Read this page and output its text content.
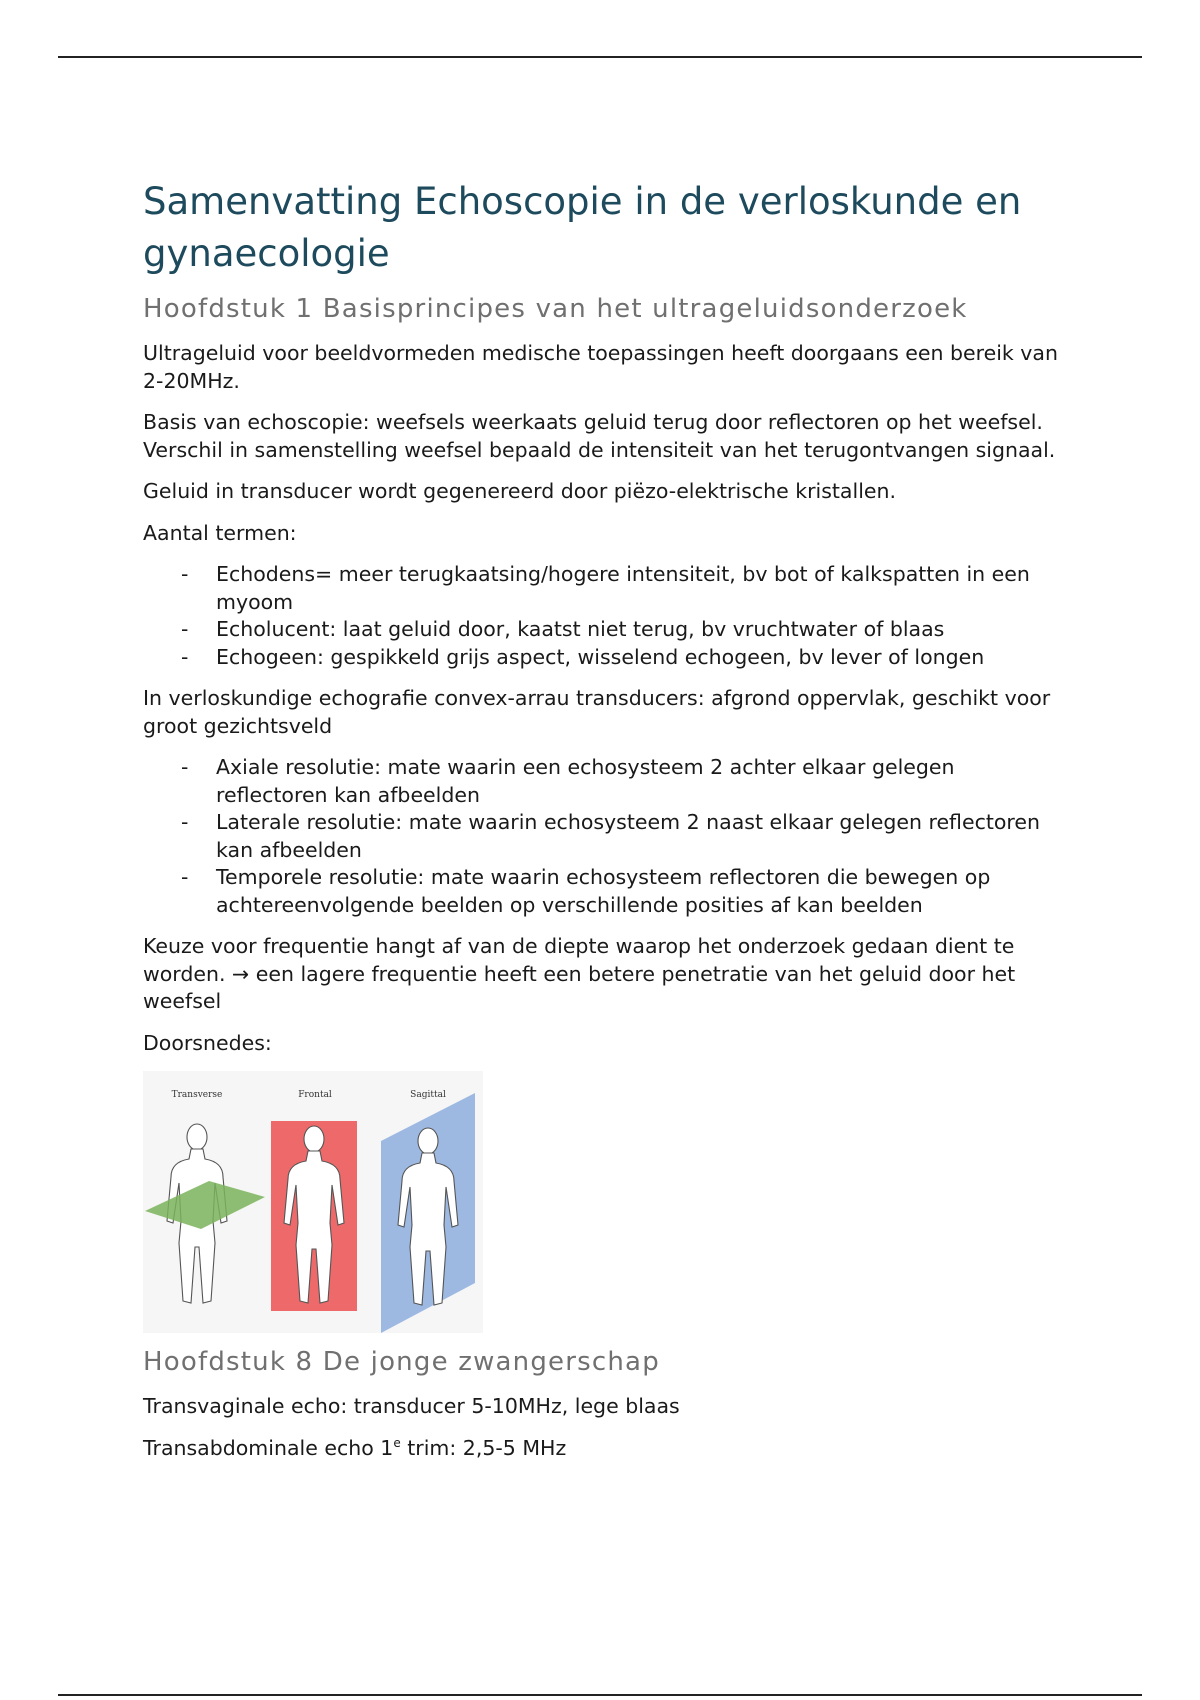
Samenvatting Echoscopie in de verloskunde en gynaecologie
Hoofdstuk 1 Basisprincipes van het ultrageluidsonderzoek

Ultrageluid voor beeldvormeden medische toepassingen heeft doorgaans een bereik van 2-20MHz.

Basis van echoscopie: weefsels weerkaats geluid terug door reflectoren op het weefsel. Verschil in samenstelling weefsel bepaald de intensiteit van het terugontvangen signaal.

Geluid in transducer wordt gegenereerd door piëzo-elektrische kristallen.

Aantal termen:

- Echodens= meer terugkaatsing/hogere intensiteit, bv bot of kalkspatten in een myoom
- Echolucent: laat geluid door, kaatst niet terug, bv vruchtwater of blaas
- Echogeen: gespikkeld grijs aspect, wisselend echogeen, bv lever of longen

In verloskundige echografie convex-arrau transducers: afgrond oppervlak, geschikt voor groot gezichtsveld

- Axiale resolutie: mate waarin een echosysteem 2 achter elkaar gelegen reflectoren kan afbeelden
- Laterale resolutie: mate waarin echosysteem 2 naast elkaar gelegen reflectoren kan afbeelden
- Temporele resolutie: mate waarin echosysteem reflectoren die bewegen op achtereenvolgende beelden op verschillende posities af kan beelden

Keuze voor frequentie hangt af van de diepte waarop het onderzoek gedaan dient te worden. → een lagere frequentie heeft een betere penetratie van het geluid door het weefsel

Doorsnedes:

Transverse	Frontal	Sagittal
Hoofdstuk 8 De jonge zwangerschap

Transvaginale echo: transducer 5-10MHz, lege blaas

Transabdominale echo 1e trim: 2,5-5 MHz
